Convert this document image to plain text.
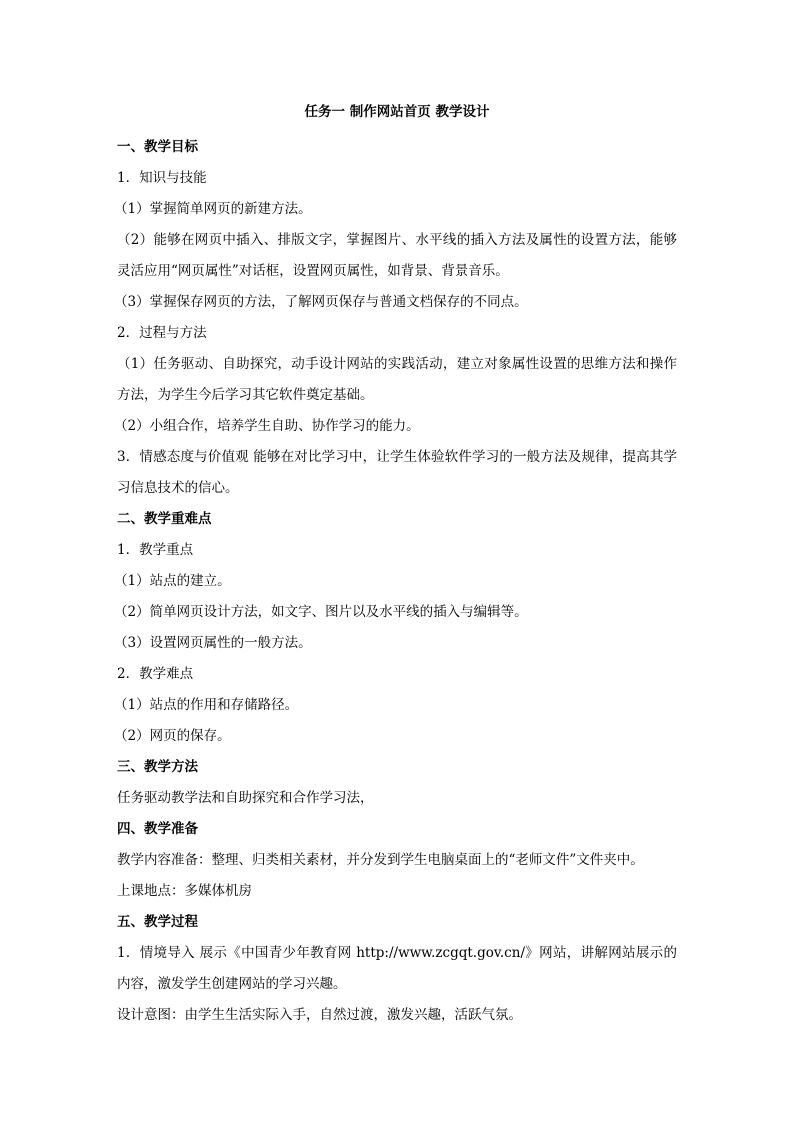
任务一 制作网站首页 教学设计
一、教学目标
1．知识与技能
（1）掌握简单网页的新建方法。
（2）能够在网页中插入、排版文字，掌握图片、水平线的插入方法及属性的设置方法，能够灵活应用“网页属性”对话框，设置网页属性，如背景、背景音乐。
（3）掌握保存网页的方法，了解网页保存与普通文档保存的不同点。
2．过程与方法
（1）任务驱动、自助探究，动手设计网站的实践活动，建立对象属性设置的思维方法和操作方法，为学生今后学习其它软件奠定基础。
（2）小组合作，培养学生自助、协作学习的能力。
3．情感态度与价值观 能够在对比学习中，让学生体验软件学习的一般方法及规律，提高其学习信息技术的信心。
二、教学重难点
1．教学重点
（1）站点的建立。
（2）简单网页设计方法，如文字、图片以及水平线的插入与编辑等。
（3）设置网页属性的一般方法。
2．教学难点
（1）站点的作用和存储路径。
（2）网页的保存。
三、教学方法
任务驱动教学法和自助探究和合作学习法，
四、教学准备
教学内容准备：整理、归类相关素材，并分发到学生电脑桌面上的“老师文件”文件夹中。
上课地点：多媒体机房
五、教学过程
1．情境导入 展示《中国青少年教育网 http://www.zcgqt.gov.cn/》网站，讲解网站展示的内容，激发学生创建网站的学习兴趣。
设计意图：由学生生活实际入手，自然过渡，激发兴趣，活跃气氛。
